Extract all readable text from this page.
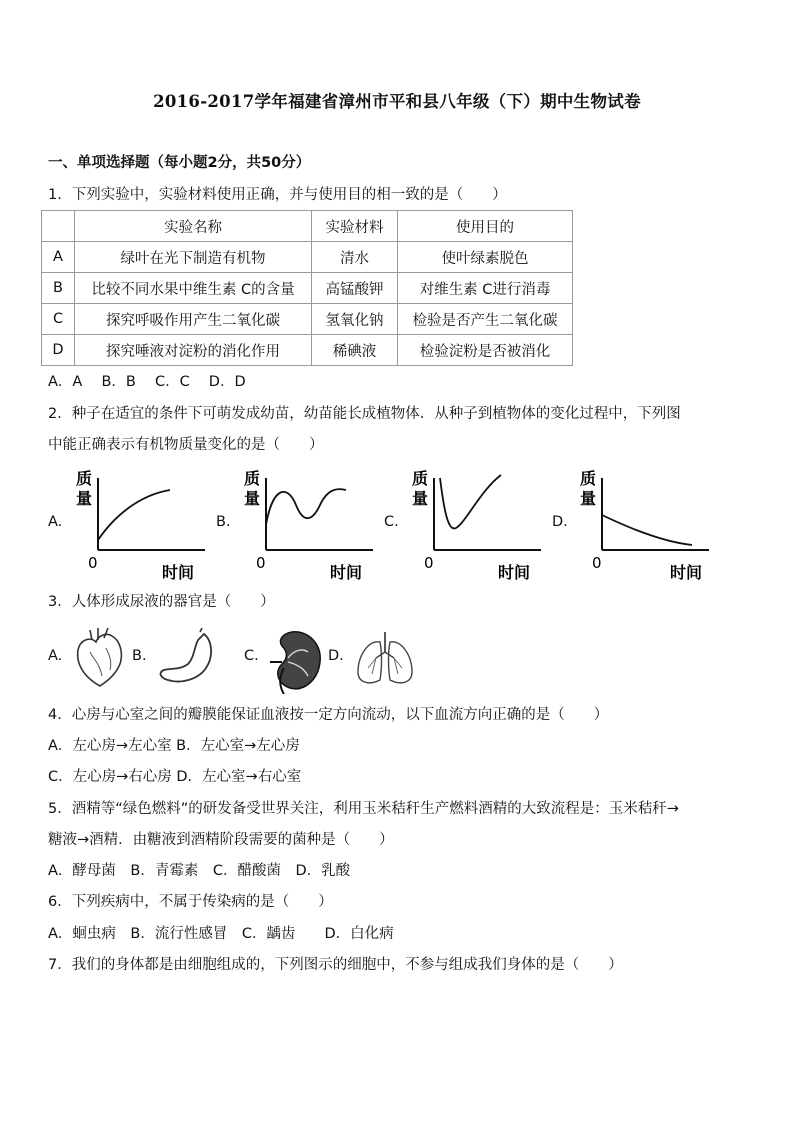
2016-2017学年福建省漳州市平和县八年级（下）期中生物试卷
一、单项选择题（每小题2分，共50分）
1．下列实验中，实验材料使用正确，并与使用目的相一致的是（　　）
	实验名称	实验材料	使用目的
A	绿叶在光下制造有机物	清水	使叶绿素脱色
B	比较不同水果中维生素 C的含量	高锰酸钾	对维生素 C进行消毒
C	探究呼吸作用产生二氧化碳	氢氧化钠	检验是否产生二氧化碳
D	探究唾液对淀粉的消化作用	稀碘液	检验淀粉是否被消化
A．A　 B．B　 C．C　 D．D
2．种子在适宜的条件下可萌发成幼苗，幼苗能长成植物体．从种子到植物体的变化过程中，下列图
中能正确表示有机物质量变化的是（　　）
A.
质
量
0	时间
B.
质
量
0	时间
C.
质
量
0	时间
D.
质
量
0	时间
3．人体形成尿液的器官是（　　）
A.	B.	C.	D.
4．心房与心室之间的瓣膜能保证血液按一定方向流动，以下血流方向正确的是（　　）
A．左心房→左心室 B．左心室→左心房
C．左心房→右心房 D．左心室→右心室
5．酒精等“绿色燃料”的研发备受世界关注，利用玉米秸秆生产燃料酒精的大致流程是：玉米秸秆→
糖液→酒精．由糖液到酒精阶段需要的菌种是（　　）
A．酵母菌　B．青霉素　C．醋酸菌　D．乳酸
6．下列疾病中，不属于传染病的是（　　）
A．蛔虫病　B．流行性感冒　C．龋齿　　D．白化病
7．我们的身体都是由细胞组成的，下列图示的细胞中，不参与组成我们身体的是（　　）
